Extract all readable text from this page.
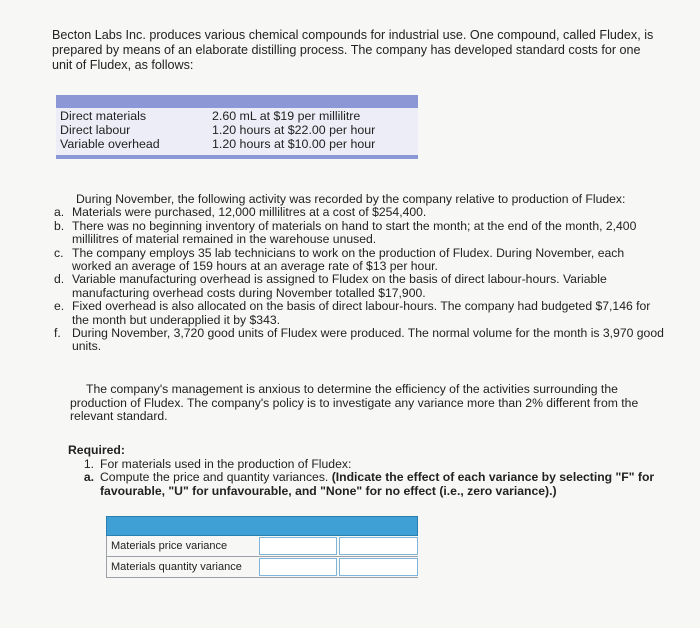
Becton Labs Inc. produces various chemical compounds for industrial use. One compound, called Fludex, is prepared by means of an elaborate distilling process. The company has developed standard costs for one unit of Fludex, as follows:

Direct materials	2.60 mL at $19 per millilitre
Direct labour	1.20 hours at $22.00 per hour
Variable overhead	1.20 hours at $10.00 per hour
During November, the following activity was recorded by the company relative to production of Fludex:
a. Materials were purchased, 12,000 millilitres at a cost of $254,400.
b. There was no beginning inventory of materials on hand to start the month; at the end of the month, 2,400 millilitres of material remained in the warehouse unused.
c. The company employs 35 lab technicians to work on the production of Fludex. During November, each worked an average of 159 hours at an average rate of $13 per hour.
d. Variable manufacturing overhead is assigned to Fludex on the basis of direct labour-hours. Variable manufacturing overhead costs during November totalled $17,900.
e. Fixed overhead is also allocated on the basis of direct labour-hours. The company had budgeted $7,146 for the month but underapplied it by $343.
f. During November, 3,720 good units of Fludex were produced. The normal volume for the month is 3,970 good units.

The company's management is anxious to determine the efficiency of the activities surrounding the production of Fludex. The company's policy is to investigate any variance more than 2% different from the relevant standard.

Required:
1. For materials used in the production of Fludex:
a. Compute the price and quantity variances. (Indicate the effect of each variance by selecting "F" for favourable, "U" for unfavourable, and "None" for no effect (i.e., zero variance).)
Materials price variance
Materials quantity variance
